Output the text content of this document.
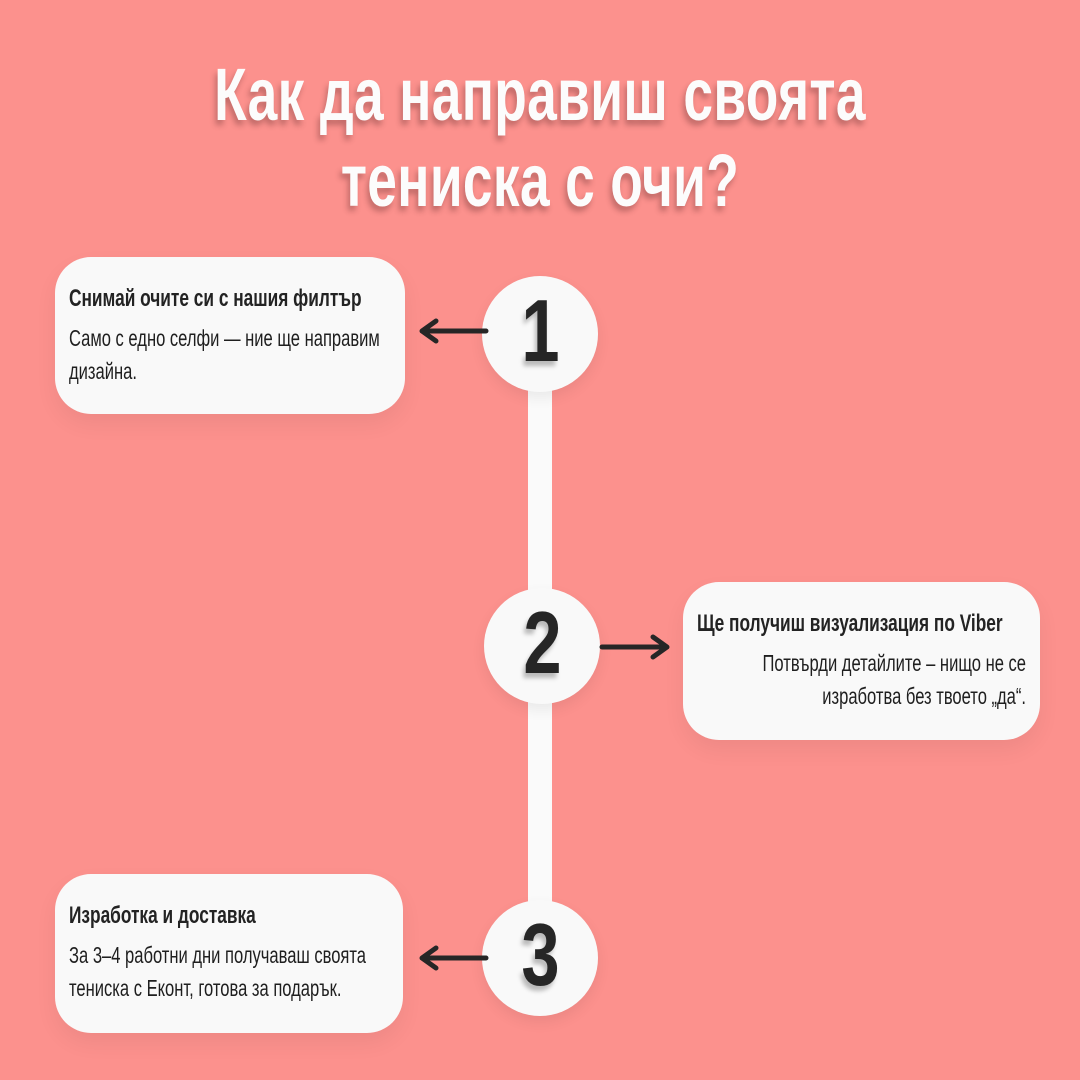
Как да направиш своята тениска с очи?
1
Снимай очите си с нашия филтър

Само с едно селфи — ние ще направим дизайна.

2	Ще получиш визуализация по Viber

Потвърди детайлите – нищо не се изработва без твоето „да“.

3
Изработка и доставка

За 3–4 работни дни получаваш своята тениска с Еконт, готова за подарък.
